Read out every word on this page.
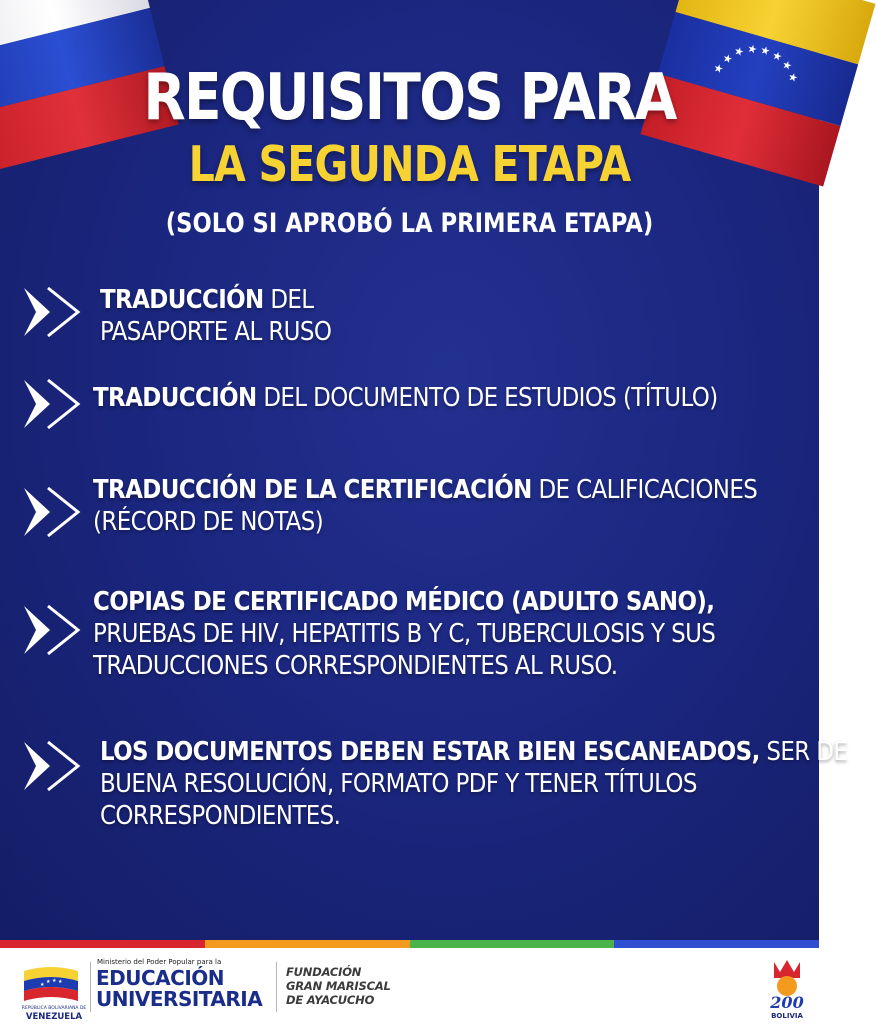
★
★
★ ★ ★
★
★
★
REQUISITOS PARA
LA SEGUNDA ETAPA
(SOLO SI APROBÓ LA PRIMERA ETAPA)
TRADUCCIÓN DEL
PASAPORTE AL RUSO
TRADUCCIÓN DEL DOCUMENTO DE ESTUDIOS (TÍTULO)
TRADUCCIÓN DE LA CERTIFICACIÓN DE CALIFICACIONES
(RÉCORD DE NOTAS)
COPIAS DE CERTIFICADO MÉDICO (ADULTO SANO),
PRUEBAS DE HIV, HEPATITIS B Y C, TUBERCULOSIS Y SUS
TRADUCCIONES CORRESPONDIENTES AL RUSO.
LOS DOCUMENTOS DEBEN ESTAR BIEN ESCANEADOS, SER DE
BUENA RESOLUCIÓN, FORMATO PDF Y TENER TÍTULOS
CORRESPONDIENTES.
★ ★ ★ ★
REPÚBLICA BOLIVARIANA DE
VENEZUELA
Ministerio del Poder Popular para la
EDUCACIÓN
UNIVERSITARIA
FUNDACIÓN
GRAN MARISCAL
DE AYACUCHO	200
BOLIVIA
